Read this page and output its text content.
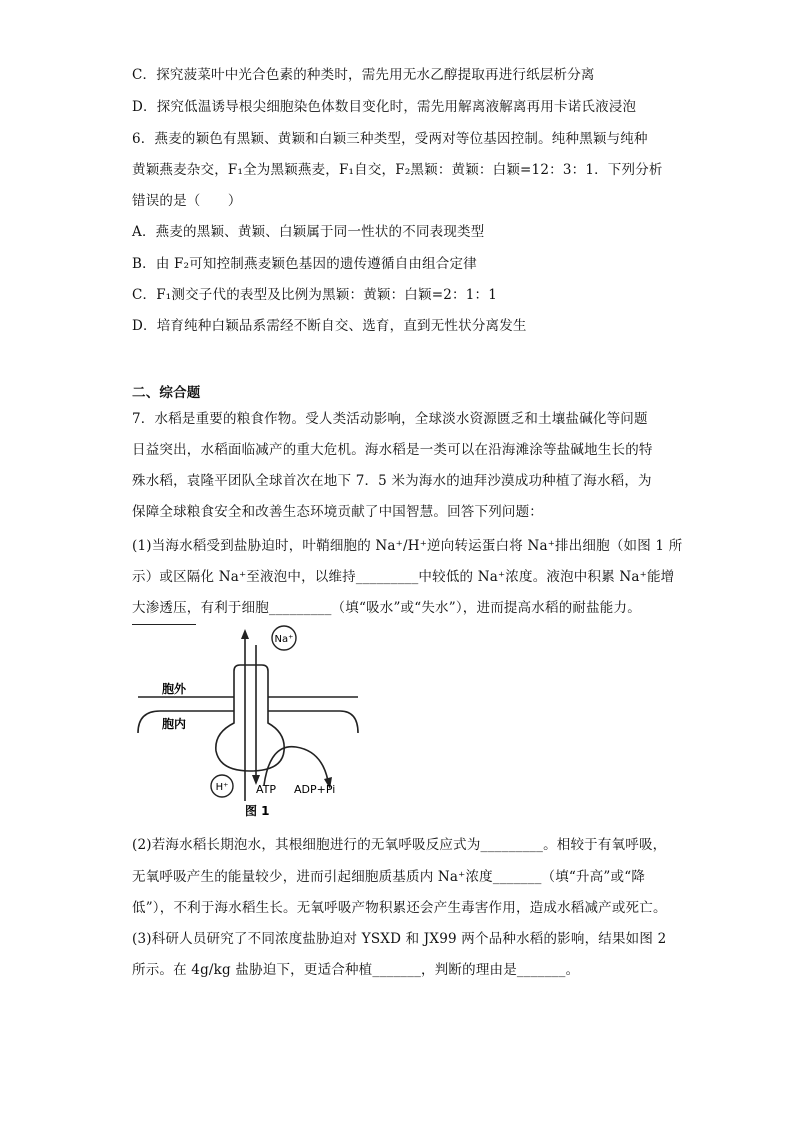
C．探究菠菜叶中光合色素的种类时，需先用无水乙醇提取再进行纸层析分离
D．探究低温诱导根尖细胞染色体数目变化时，需先用解离液解离再用卡诺氏液浸泡
6．燕麦的颖色有黑颖、黄颖和白颖三种类型，受两对等位基因控制。纯种黑颖与纯种
黄颖燕麦杂交，F₁全为黑颖燕麦，F₁自交，F₂黑颖：黄颖：白颖=12：3：1．下列分析
错误的是（　　）
A．燕麦的黑颖、黄颖、白颖属于同一性状的不同表现类型
B．由 F₂可知控制燕麦颖色基因的遗传遵循自由组合定律
C．F₁测交子代的表型及比例为黑颖：黄颖：白颖=2：1：1
D．培育纯种白颖品系需经不断自交、选育，直到无性状分离发生
二、综合题
7．水稻是重要的粮食作物。受人类活动影响，全球淡水资源匮乏和土壤盐碱化等问题
日益突出，水稻面临减产的重大危机。海水稻是一类可以在沿海滩涂等盐碱地生长的特
殊水稻，袁隆平团队全球首次在地下 7．5 米为海水的迪拜沙漠成功种植了海水稻，为
保障全球粮食安全和改善生态环境贡献了中国智慧。回答下列问题：
(1)当海水稻受到盐胁迫时，叶鞘细胞的 Na⁺/H⁺逆向转运蛋白将 Na⁺排出细胞（如图 1 所
示）或区隔化 Na⁺至液泡中，以维持_________中较低的 Na⁺浓度。液泡中积累 Na⁺能增
大渗透压，有利于细胞_________（填“吸水”或“失水”），进而提高水稻的耐盐能力。
Na⁺
胞外
胞内
H⁺	ATP ADP+Pi
图 1
(2)若海水稻长期泡水，其根细胞进行的无氧呼吸反应式为_________。相较于有氧呼吸，
无氧呼吸产生的能量较少，进而引起细胞质基质内 Na⁺浓度_______（填“升高”或“降
低”），不利于海水稻生长。无氧呼吸产物积累还会产生毒害作用，造成水稻减产或死亡。
(3)科研人员研究了不同浓度盐胁迫对 YSXD 和 JX99 两个品种水稻的影响，结果如图 2
所示。在 4g/kg 盐胁迫下，更适合种植_______，判断的理由是_______。
